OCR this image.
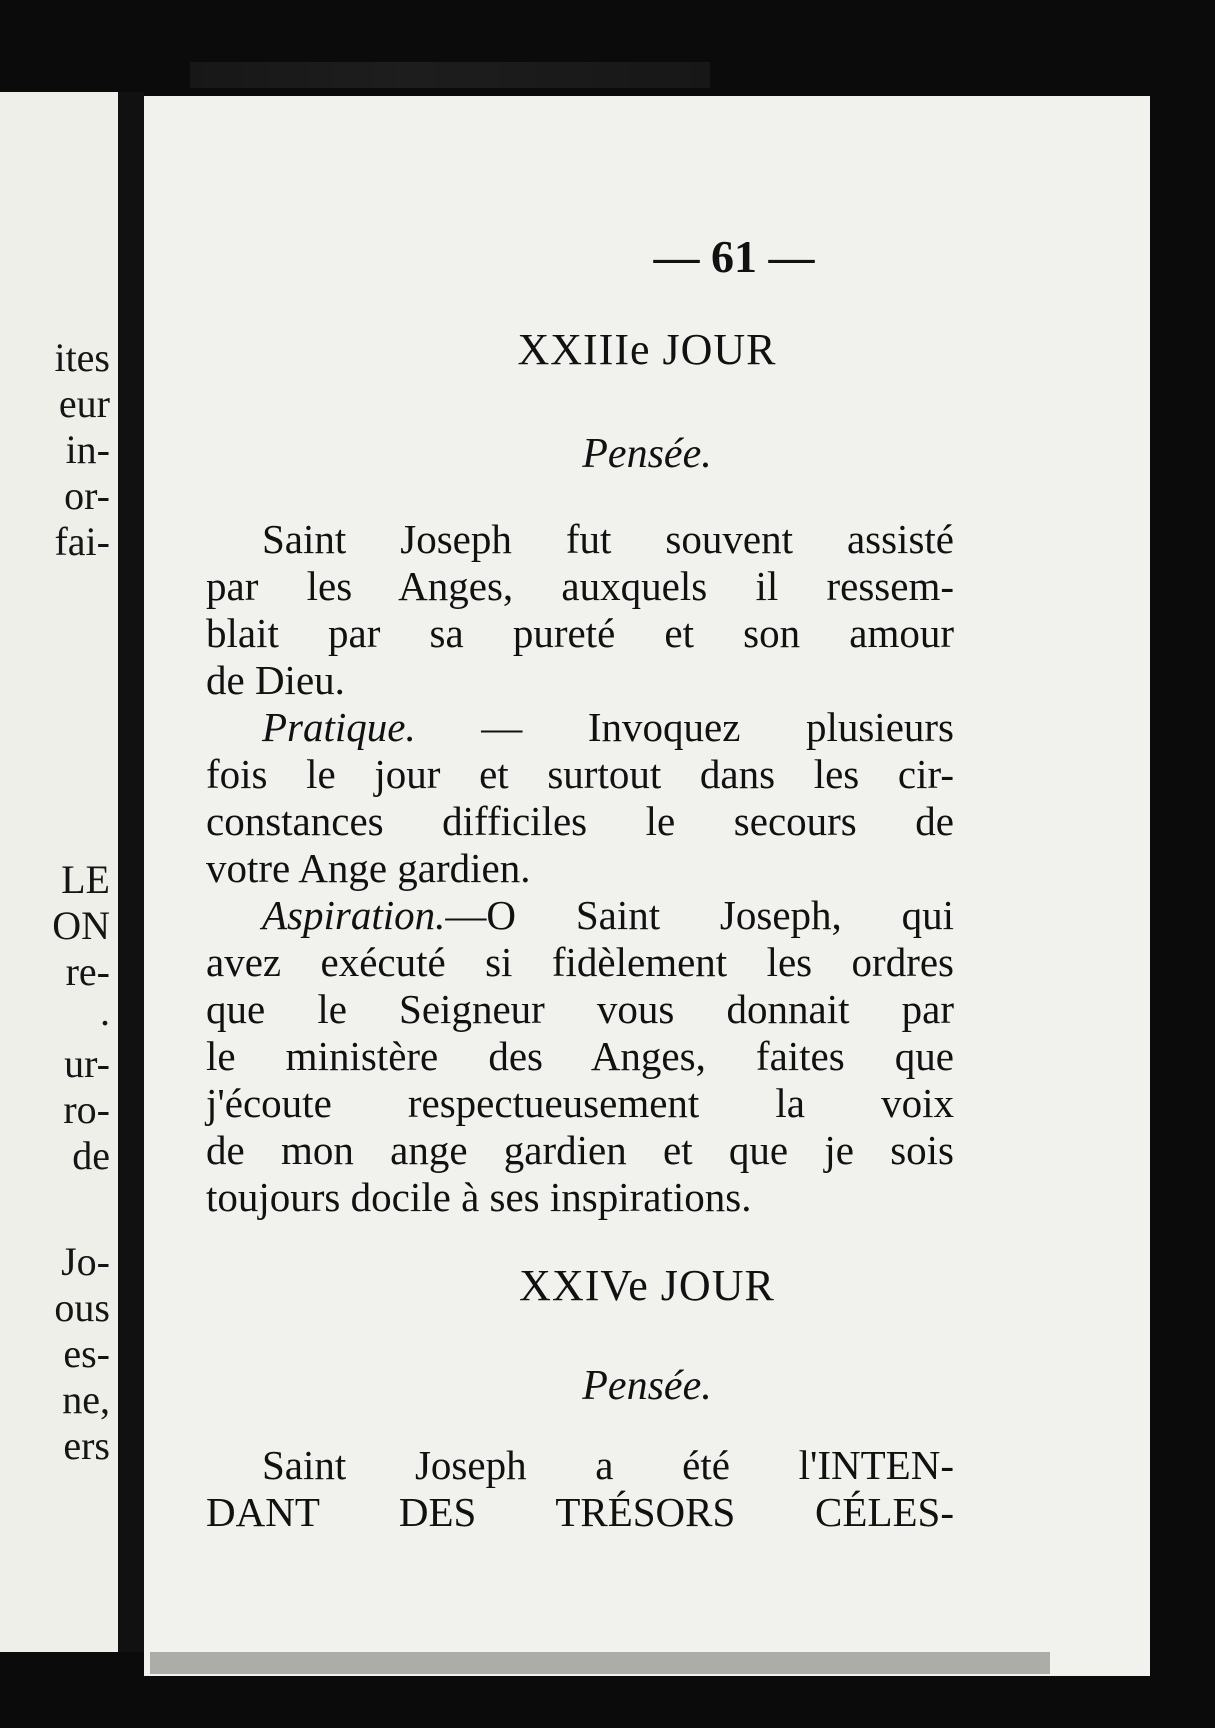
ites
eur
in-
or-
fai-
LE
ON
re-
.
ur-
ro-
de
Jo-
ous
es-
ne,
ers
— 61 —
XXIIIe JOUR
Pensée.
Saint Joseph fut souvent assisté
par les Anges, auxquels il ressem-
blait par sa pureté et son amour
de Dieu.
Pratique. — Invoquez plusieurs
fois le jour et surtout dans les cir-
constances difficiles le secours de
votre Ange gardien.
Aspiration.—O Saint Joseph, qui
avez exécuté si fidèlement les ordres
que le Seigneur vous donnait par
le ministère des Anges, faites que
j'écoute respectueusement la voix
de mon ange gardien et que je sois
toujours docile à ses inspirations.
XXIVe JOUR
Pensée.
Saint Joseph a été l'INTEN-
DANT DES TRÉSORS CÉLES-
